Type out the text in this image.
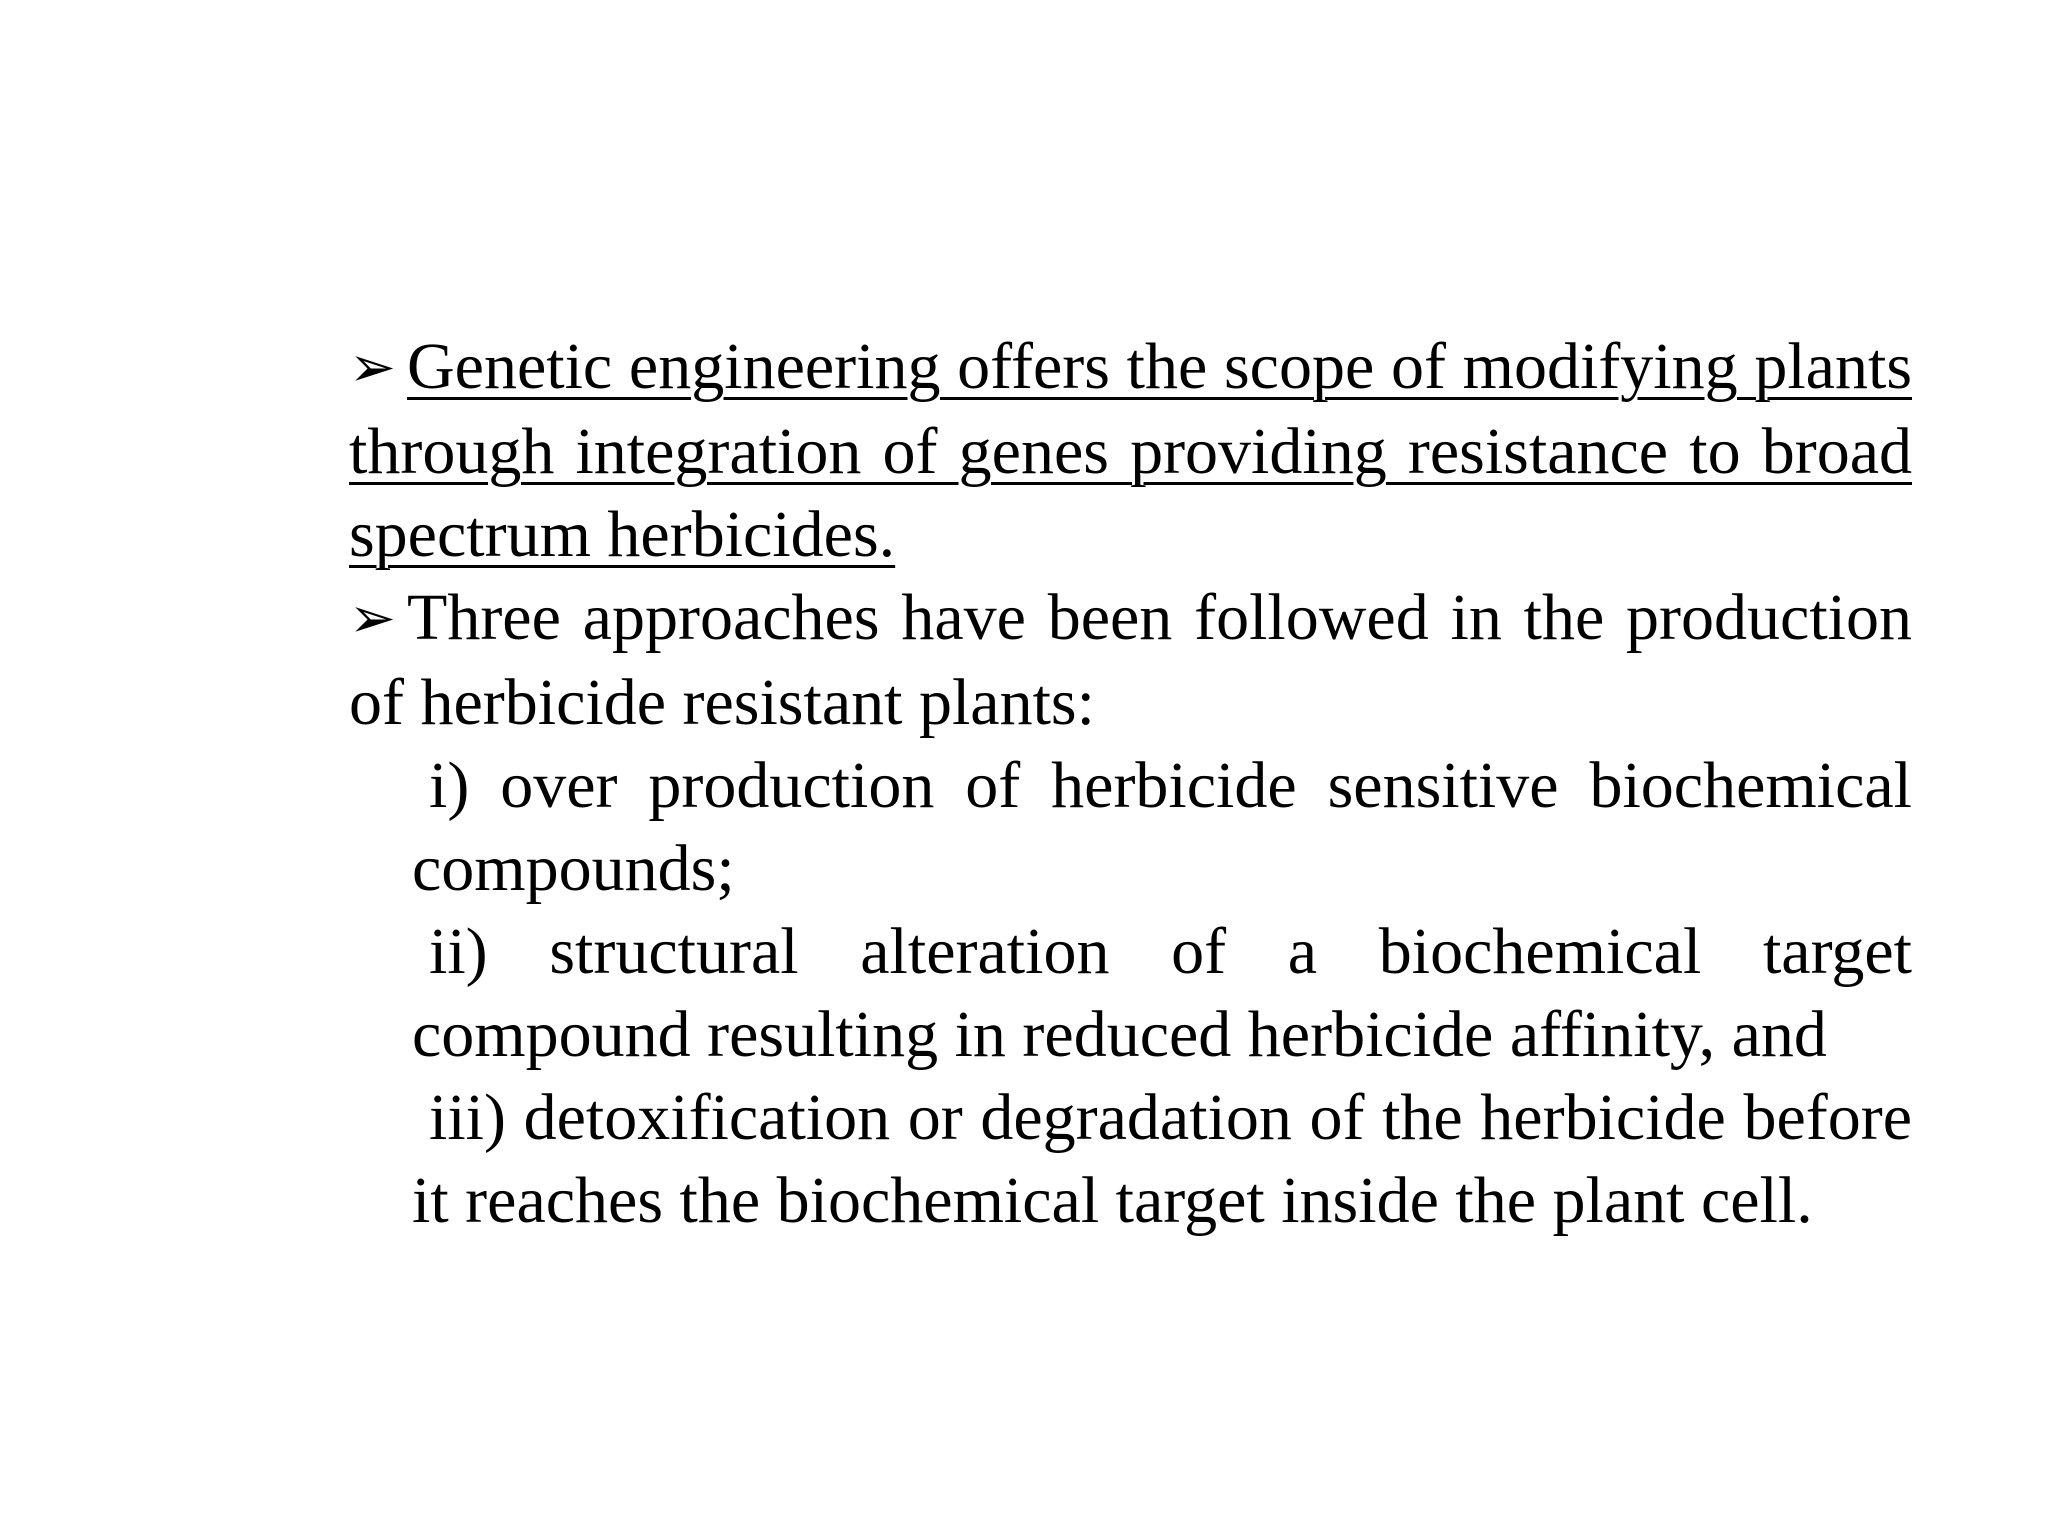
➢ Genetic engineering offers the scope of modifying plants through integration of genes providing resistance to broad spectrum herbicides.

➢ Three approaches have been followed in the production of herbicide resistant plants:

i) over production of herbicide sensitive biochemical compounds;

ii) structural alteration of a biochemical target compound resulting in reduced herbicide affinity, and

iii) detoxification or degradation of the herbicide before it reaches the biochemical target inside the plant cell.
